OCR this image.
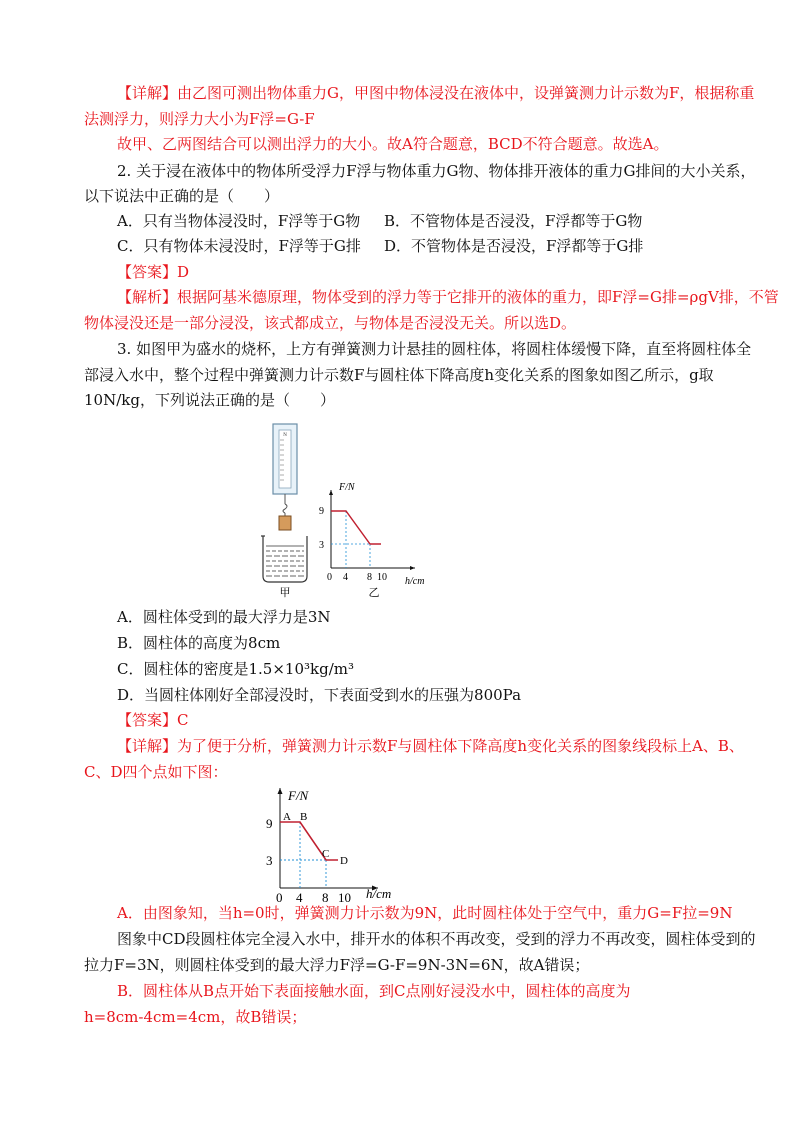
【详解】由乙图可测出物体重力G，甲图中物体浸没在液体中，设弹簧测力计示数为F，根据称重
法测浮力，则浮力大小为F浮=G-F
故甲、乙两图结合可以测出浮力的大小。故A符合题意，BCD不符合题意。故选A。
2. 关于浸在液体中的物体所受浮力F浮与物体重力G物、物体排开液体的重力G排间的大小关系，
以下说法中正确的是（　　）
A．只有当物体浸没时，F浮等于G物 B．不管物体是否浸没，F浮都等于G物
C．只有物体未浸没时，F浮等于G排 D．不管物体是否浸没，F浮都等于G排
【答案】D
【解析】根据阿基米德原理，物体受到的浮力等于它排开的液体的重力，即F浮=G排=ρgV排，不管
物体浸没还是一部分浸没，该式都成立，与物体是否浸没无关。所以选D。
3. 如图甲为盛水的烧杯，上方有弹簧测力计悬挂的圆柱体，将圆柱体缓慢下降，直至将圆柱体全
部浸入水中，整个过程中弹簧测力计示数F与圆柱体下降高度h变化关系的图象如图乙所示，g取
10N/kg，下列说法正确的是（　　）
N
甲
F/N
h/cm
9
3
0 4 8 10
乙
A．圆柱体受到的最大浮力是3N
B．圆柱体的高度为8cm
C．圆柱体的密度是1.5×10³kg/m³
D．当圆柱体刚好全部浸没时，下表面受到水的压强为800Pa
【答案】C
【详解】为了便于分析，弹簧测力计示数F与圆柱体下降高度h变化关系的图象线段标上A、B、
C、D四个点如下图：
F/N
h/cm
9
3
0 4 8 10
A B
C
D
A．由图象知，当h=0时，弹簧测力计示数为9N，此时圆柱体处于空气中，重力G=F拉=9N
图象中CD段圆柱体完全浸入水中，排开水的体积不再改变，受到的浮力不再改变，圆柱体受到的
拉力F=3N，则圆柱体受到的最大浮力F浮=G-F=9N-3N=6N，故A错误；
B．圆柱体从B点开始下表面接触水面，到C点刚好浸没水中，圆柱体的高度为
h=8cm-4cm=4cm，故B错误；
